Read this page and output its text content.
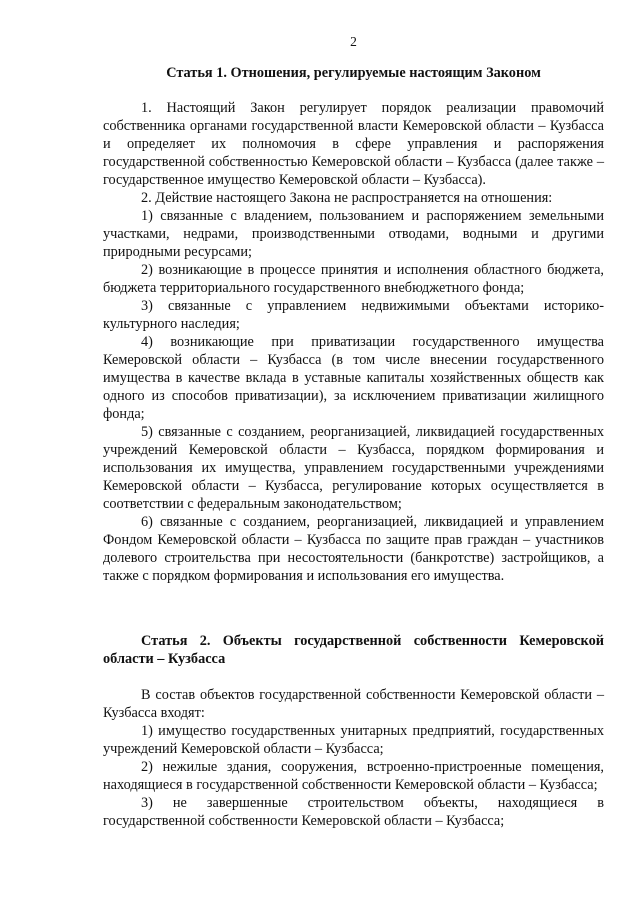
2
Статья 1. Отношения, регулируемые настоящим Законом

1. Настоящий Закон регулирует порядок реализации правомочий собственника органами государственной власти Кемеровской области – Кузбасса и определяет их полномочия в сфере управления и распоряжения государственной собственностью Кемеровской области – Кузбасса (далее также – государственное имущество Кемеровской области – Кузбасса).

2. Действие настоящего Закона не распространяется на отношения:

1) связанные с владением, пользованием и распоряжением земельными участками, недрами, производственными отводами, водными и другими природными ресурсами;

2) возникающие в процессе принятия и исполнения областного бюджета, бюджета территориального государственного внебюджетного фонда;

3) связанные с управлением недвижимыми объектами историко-культурного наследия;

4) возникающие при приватизации государственного имущества Кемеровской области – Кузбасса (в том числе внесении государственного имущества в качестве вклада в уставные капиталы хозяйственных обществ как одного из способов приватизации), за исключением приватизации жилищного фонда;

5) связанные с созданием, реорганизацией, ликвидацией государственных учреждений Кемеровской области – Кузбасса, порядком формирования и использования их имущества, управлением государственными учреждениями Кемеровской области – Кузбасса, регулирование которых осуществляется в соответствии с федеральным законодательством;

6) связанные с созданием, реорганизацией, ликвидацией и управлением Фондом Кемеровской области – Кузбасса по защите прав граждан – участников долевого строительства при несостоятельности (банкротстве) застройщиков, а также с порядком формирования и использования его имущества.

Статья 2. Объекты государственной собственности Кемеровской области – Кузбасса

В состав объектов государственной собственности Кемеровской области – Кузбасса входят:

1) имущество государственных унитарных предприятий, государственных учреждений Кемеровской области – Кузбасса;

2) нежилые здания, сооружения, встроенно-пристроенные помещения, находящиеся в государственной собственности Кемеровской области – Кузбасса;

3) не завершенные строительством объекты, находящиеся в государственной собственности Кемеровской области – Кузбасса;
